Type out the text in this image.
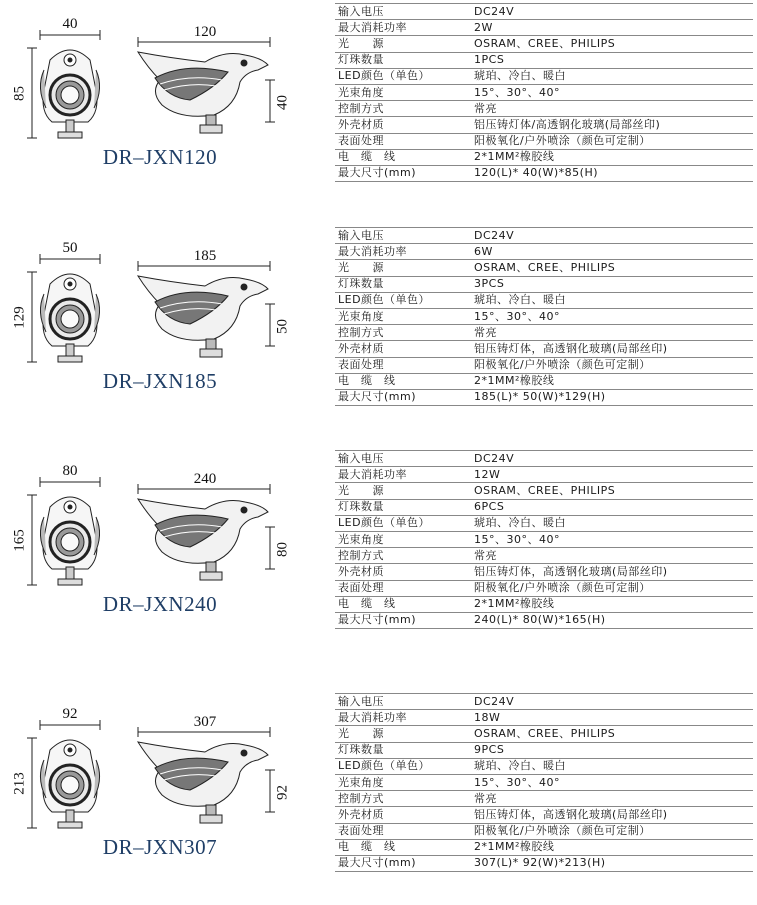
40
85
120
40
DR–JXN120
输入电压	DC24V
最大消耗功率	2W
光　　源	OSRAM、CREE、PHILIPS
灯珠数量	1PCS
LED颜色（单色）	琥珀、冷白、暖白
光束角度	15°、30°、40°
控制方式	常亮
外壳材质	铝压铸灯体/高透钢化玻璃(局部丝印)
表面处理	阳极氧化/户外喷涂（颜色可定制）
电　缆　线	2*1MM²橡胶线
最大尺寸(mm)	120(L)* 40(W)*85(H)
50
129
185
50
DR–JXN185
输入电压	DC24V
最大消耗功率	6W
光　　源	OSRAM、CREE、PHILIPS
灯珠数量	3PCS
LED颜色（单色）	琥珀、冷白、暖白
光束角度	15°、30°、40°
控制方式	常亮
外壳材质	铝压铸灯体，高透钢化玻璃(局部丝印)
表面处理	阳极氧化/户外喷涂（颜色可定制）
电　缆　线	2*1MM²橡胶线
最大尺寸(mm)	185(L)* 50(W)*129(H)
80
165
240
80
DR–JXN240
输入电压	DC24V
最大消耗功率	12W
光　　源	OSRAM、CREE、PHILIPS
灯珠数量	6PCS
LED颜色（单色）	琥珀、冷白、暖白
光束角度	15°、30°、40°
控制方式	常亮
外壳材质	铝压铸灯体，高透钢化玻璃(局部丝印)
表面处理	阳极氧化/户外喷涂（颜色可定制）
电　缆　线	2*1MM²橡胶线
最大尺寸(mm)	240(L)* 80(W)*165(H)
92
213
307
92
DR–JXN307
输入电压	DC24V
最大消耗功率	18W
光　　源	OSRAM、CREE、PHILIPS
灯珠数量	9PCS
LED颜色（单色）	琥珀、冷白、暖白
光束角度	15°、30°、40°
控制方式	常亮
外壳材质	铝压铸灯体，高透钢化玻璃(局部丝印)
表面处理	阳极氧化/户外喷涂（颜色可定制）
电　缆　线	2*1MM²橡胶线
最大尺寸(mm)	307(L)* 92(W)*213(H)
